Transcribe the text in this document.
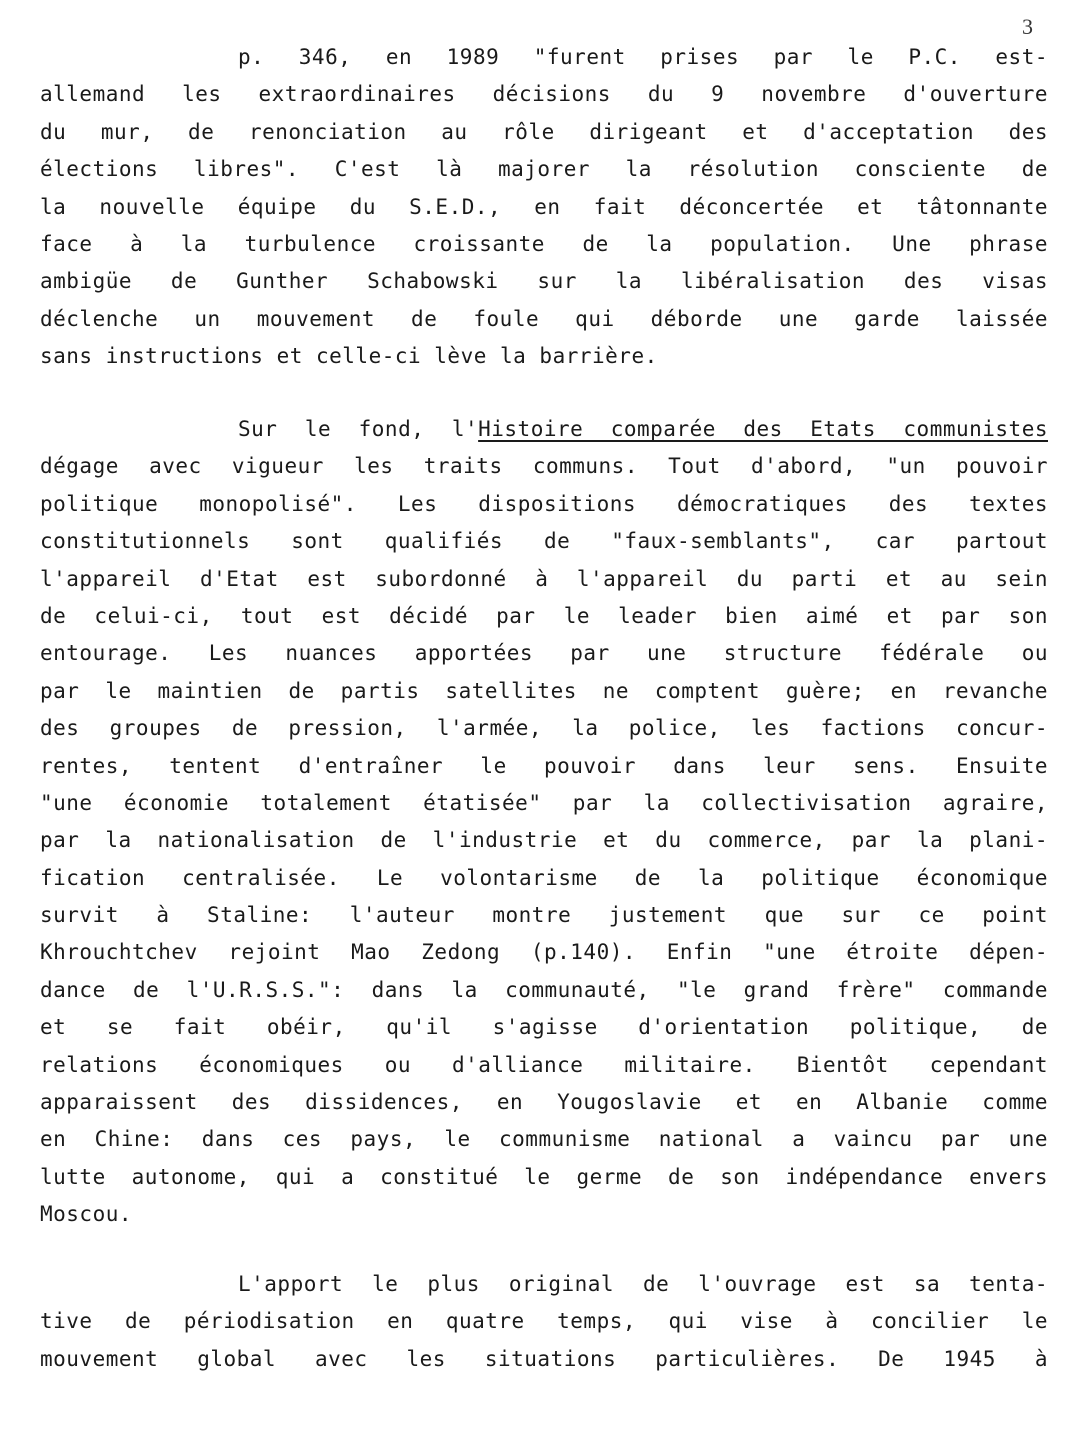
3
p. 346, en 1989 "furent prises par le P.C. est-
allemand les extraordinaires décisions du 9 novembre d'ouverture
du mur, de renonciation au rôle dirigeant et d'acceptation des
élections libres". C'est là majorer la résolution consciente de
la nouvelle équipe du S.E.D., en fait déconcertée et tâtonnante
face à la turbulence croissante de la population. Une phrase
ambigüe de Gunther Schabowski sur la libéralisation des visas
déclenche un mouvement de foule qui déborde une garde laissée
sans instructions et celle-ci lève la barrière.
Sur le fond, l'Histoire comparée des Etats communistes
dégage avec vigueur les traits communs. Tout d'abord, "un pouvoir
politique monopolisé". Les dispositions démocratiques des textes
constitutionnels sont qualifiés de "faux-semblants", car partout
l'appareil d'Etat est subordonné à l'appareil du parti et au sein
de celui-ci, tout est décidé par le leader bien aimé et par son
entourage. Les nuances apportées par une structure fédérale ou
par le maintien de partis satellites ne comptent guère; en revanche
des groupes de pression, l'armée, la police, les factions concur-
rentes, tentent d'entraîner le pouvoir dans leur sens. Ensuite
"une économie totalement étatisée" par la collectivisation agraire,
par la nationalisation de l'industrie et du commerce, par la plani-
fication centralisée. Le volontarisme de la politique économique
survit à Staline: l'auteur montre justement que sur ce point
Khrouchtchev rejoint Mao Zedong (p.140). Enfin "une étroite dépen-
dance de l'U.R.S.S.": dans la communauté, "le grand frère" commande
et se fait obéir, qu'il s'agisse d'orientation politique, de
relations économiques ou d'alliance militaire. Bientôt cependant
apparaissent des dissidences, en Yougoslavie et en Albanie comme
en Chine: dans ces pays, le communisme national a vaincu par une
lutte autonome, qui a constitué le germe de son indépendance envers
Moscou.
L'apport le plus original de l'ouvrage est sa tenta-
tive de périodisation en quatre temps, qui vise à concilier le
mouvement global avec les situations particulières. De 1945 à
